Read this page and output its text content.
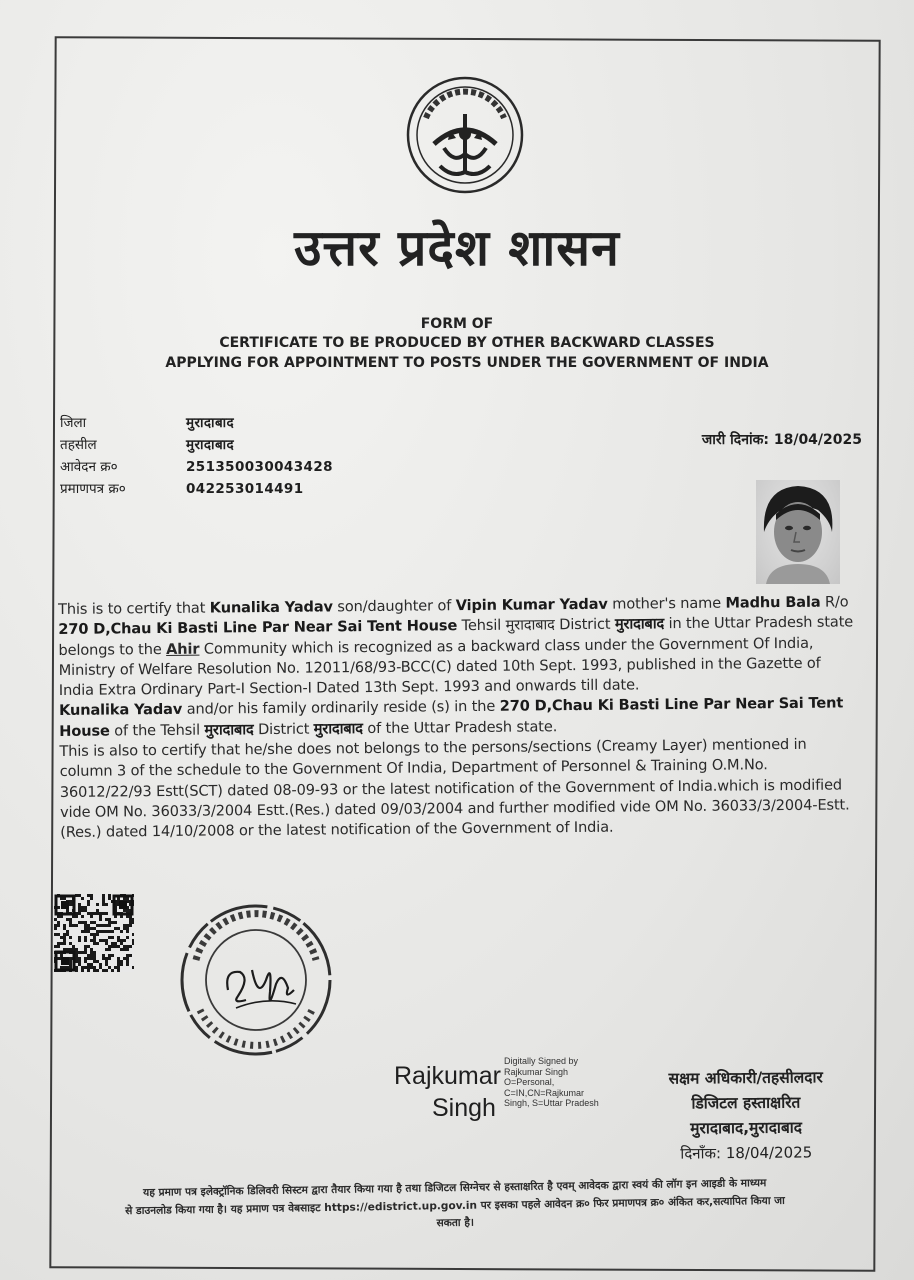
उत्तर प्रदेश शासन
FORM OF
CERTIFICATE TO BE PRODUCED BY OTHER BACKWARD CLASSES
APPLYING FOR APPOINTMENT TO POSTS UNDER THE GOVERNMENT OF INDIA
जिला	मुरादाबाद
तहसील	मुरादाबाद
आवेदन क्र०	251350030043428
प्रमाणपत्र क्र०	042253014491
जारी दिनांक: 18/04/2025

This is to certify that Kunalika Yadav son/daughter of Vipin Kumar Yadav mother's name Madhu Bala R/o 270 D,Chau Ki Basti Line Par Near Sai Tent House Tehsil मुरादाबाद District मुरादाबाद in the Uttar Pradesh state belongs to the Ahir Community which is recognized as a backward class under the Government Of India, Ministry of Welfare Resolution No. 12011/68/93-BCC(C) dated 10th Sept. 1993, published in the Gazette of India Extra Ordinary Part-I Section-I Dated 13th Sept. 1993 and onwards till date.

Kunalika Yadav and/or his family ordinarily reside (s) in the 270 D,Chau Ki Basti Line Par Near Sai Tent House of the Tehsil मुरादाबाद District मुरादाबाद of the Uttar Pradesh state.

This is also to certify that he/she does not belongs to the persons/sections (Creamy Layer) mentioned in column 3 of the schedule to the Government Of India, Department of Personnel & Training O.M.No. 36012/22/93 Estt(SCT) dated 08-09-93 or the latest notification of the Government of India.which is modified vide OM No. 36033/3/2004 Estt.(Res.) dated 09/03/2004 and further modified vide OM No. 36033/3/2004-Estt. (Res.) dated 14/10/2008 or the latest notification of the Government of India.

Rajkumar
Singh
Digitally Signed by
Rajkumar Singh
O=Personal,
C=IN,CN=Rajkumar
Singh, S=Uttar Pradesh
सक्षम अधिकारी/तहसीलदार
डिजिटल हस्ताक्षरित
मुरादाबाद,मुरादाबाद
दिनाँक: 18/04/2025
यह प्रमाण पत्र इलेक्ट्रॉनिक डिलिवरी सिस्टम द्वारा तैयार किया गया है तथा डिजिटल सिग्नेचर से हस्ताक्षरित है एवम् आवेदक द्वारा स्वयं की लॉग इन आइडी के माध्यम
से डाउनलोड किया गया है। यह प्रमाण पत्र वेबसाइट https://edistrict.up.gov.in पर इसका पहले आवेदन क्र० फिर प्रमाणपत्र क्र० अंकित कर,सत्यापित किया जा
सकता है।
